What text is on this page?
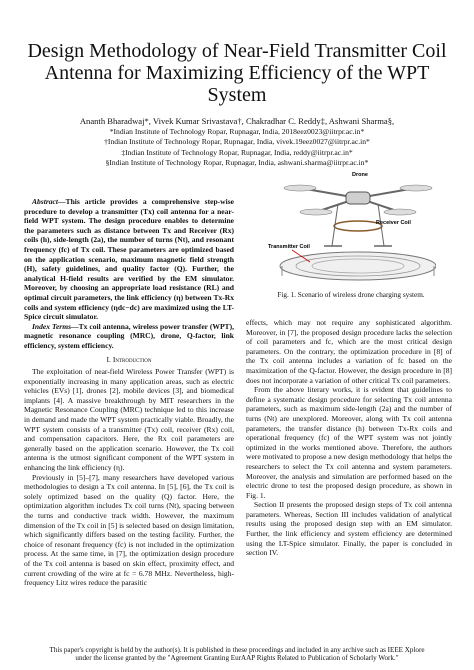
Design Methodology of Near-Field Transmitter Coil Antenna for Maximizing Efficiency of the WPT System
Ananth Bharadwaj*, Vivek Kumar Srivastava†, Chakradhar C. Reddy‡, Ashwani Sharma§,
*Indian Institute of Technology Ropar, Rupnagar, India, 2018eez0023@iitrpr.ac.in*
†Indian Institute of Technology Ropar, Rupnagar, India, vivek.19eez0027@iitrpr.ac.in*
‡Indian Institute of Technology Ropar, Rupnagar, India, reddy@iitrpr.ac.in*
§Indian Institute of Technology Ropar, Rupnagar, India, ashwani.sharma@iitrpr.ac.in*

Abstract—This article provides a comprehensive step-wise procedure to develop a transmitter (Tx) coil antenna for a near-field WPT system. The design procedure enables to determine the parameters such as distance between Tx and Receiver (Rx) coils (h), side-length (2a), the number of turns (Nt), and resonant frequency (fc) of Tx coil. These parameters are optimized based on the application scenario, maximum magnetic field strength (H), safety guidelines, and quality factor (Q). Further, the analytical H-field results are verified by the EM simulator. Moreover, by choosing an appropriate load resistance (RL) and optimal circuit parameters, the link efficiency (η) between Tx-Rx coils and system efficiency (ηdc−dc) are maximized using the LT-Spice circuit simulator.

Index Terms—Tx coil antenna, wireless power transfer (WPT), magnetic resonance coupling (MRC), drone, Q-factor, link efficiency, system efficiency.

I. Introduction

The exploitation of near-field Wireless Power Transfer (WPT) is exponentially increasing in many application areas, such as electric vehicles (EVs) [1], drones [2], mobile devices [3], and biomedical implants [4]. A massive breakthrough by MIT researchers in the Magnetic Resonance Coupling (MRC) technique led to this increase in demand and made the WPT system practically viable. Broadly, the WPT system consists of a transmitter (Tx) coil, receiver (Rx) coil, and compensation capacitors. Here, the Rx coil parameters are generally based on the application scenario. However, the Tx coil antenna is the utmost significant component of the WPT system in enhancing the link efficiency (η).

Previously in [5]–[7], many researchers have developed various methodologies to design a Tx coil antenna. In [5], [6], the Tx coil is solely optimized based on the quality (Q) factor. Here, the optimization algorithm includes Tx coil turns (Nt), spacing between the turns and conductive track width. However, the maximum dimension of the Tx coil in [5] is selected based on design limitation, which significantly differs based on the testing facility. Further, the choice of resonant frequency (fc) is not included in the optimization process. At the same time, in [7], the optimization design procedure of the Tx coil antenna is based on skin effect, proximity effect, and current crowding of the wire at fc = 6.78 MHz. Nevertheless, high-frequency Litz wires reduce the parasitic

Drone
Receiver Coil
Transmitter Coil
Fig. 1. Scenario of wireless drone charging system.

effects, which may not require any sophisticated algorithm. Moreover, in [7], the proposed design procedure lacks the selection of coil parameters and fc, which are the most critical design parameters. On the contrary, the optimization procedure in [8] of the Tx coil antenna includes a variation of fc based on the maximization of the Q-factor. However, the design procedure in [8] does not incorporate a variation of other critical Tx coil parameters.

From the above literary works, it is evident that guidelines to define a systematic design procedure for selecting Tx coil antenna parameters, such as maximum side-length (2a) and the number of turns (Nt) are unexplored. Moreover, along with Tx coil antenna parameters, the transfer distance (h) between Tx-Rx coils and operational frequency (fc) of the WPT system was not jointly optimized in the works mentioned above. Therefore, the authors were motivated to propose a new design methodology that helps the researchers to select the Tx coil antenna and system parameters. Moreover, the analysis and simulation are performed based on the electric drone to test the proposed design procedure, as shown in Fig. 1.

Section II presents the proposed design steps of Tx coil antenna parameters. Whereas, Section III includes validation of analytical results using the proposed design step with an EM simulator. Further, the link efficiency and system efficiency are determined using the LT-Spice simulator. Finally, the paper is concluded in section IV.

This paper's copyright is held by the author(s). It is published in these proceedings and included in any archive such as IEEE Xplore
under the license granted by the "Agreement Granting EurAAP Rights Related to Publication of Scholarly Work."
